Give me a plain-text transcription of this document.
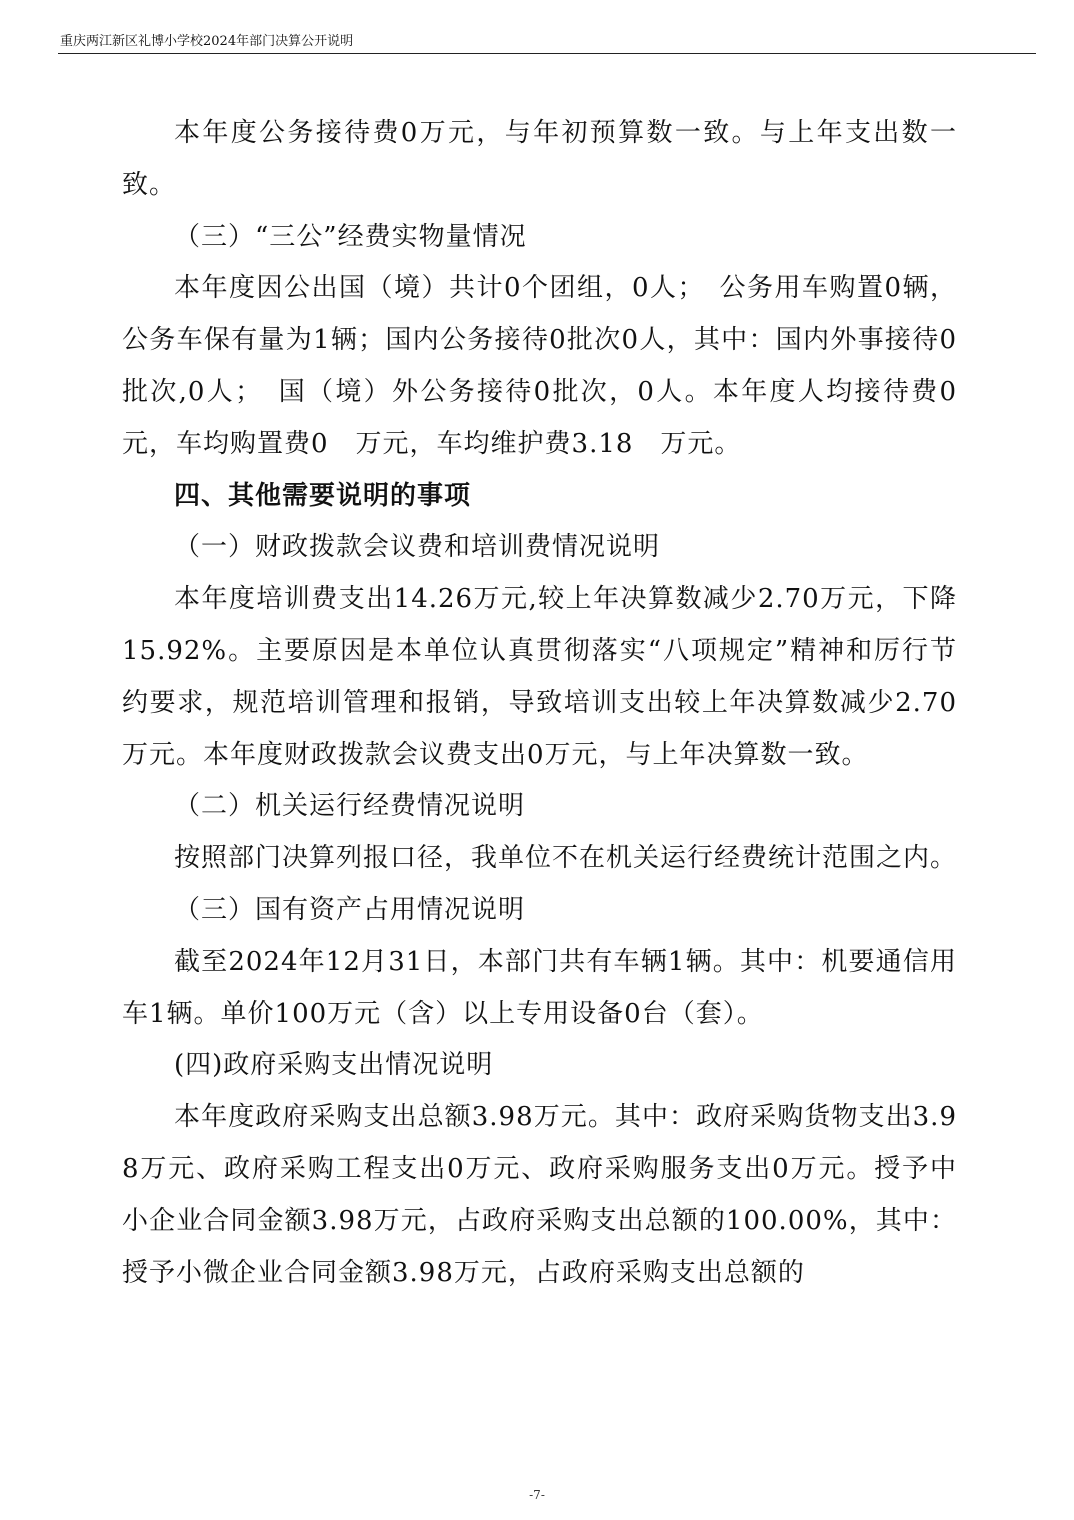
重庆两江新区礼博小学校2024年部门决算公开说明

本年度公务接待费0万元，与年初预算数一致。与上年支出数一致。

（三）“三公”经费实物量情况

本年度因公出国（境）共计0个团组，0人；　公务用车购置0辆，公务车保有量为1辆；国内公务接待0批次0人，其中：国内外事接待0批次,0人；　国（境）外公务接待0批次，0人。本年度人均接待费0元，车均购置费0　万元，车均维护费3.18　万元。

四、其他需要说明的事项

（一）财政拨款会议费和培训费情况说明

本年度培训费支出14.26万元,较上年决算数减少2.70万元，下降15.92%。主要原因是本单位认真贯彻落实“八项规定”精神和厉行节约要求，规范培训管理和报销，导致培训支出较上年决算数减少2.70万元。本年度财政拨款会议费支出0万元，与上年决算数一致。

（二）机关运行经费情况说明

按照部门决算列报口径，我单位不在机关运行经费统计范围之内。

（三）国有资产占用情况说明

截至2024年12月31日，本部门共有车辆1辆。其中：机要通信用车1辆。单价100万元（含）以上专用设备0台（套）。

(四)政府采购支出情况说明

本年度政府采购支出总额3.98万元。其中：政府采购货物支出3.98万元、政府采购工程支出0万元、政府采购服务支出0万元。授予中小企业合同金额3.98万元，占政府采购支出总额的100.00%，其中：授予小微企业合同金额3.98万元，占政府采购支出总额的

-7-
